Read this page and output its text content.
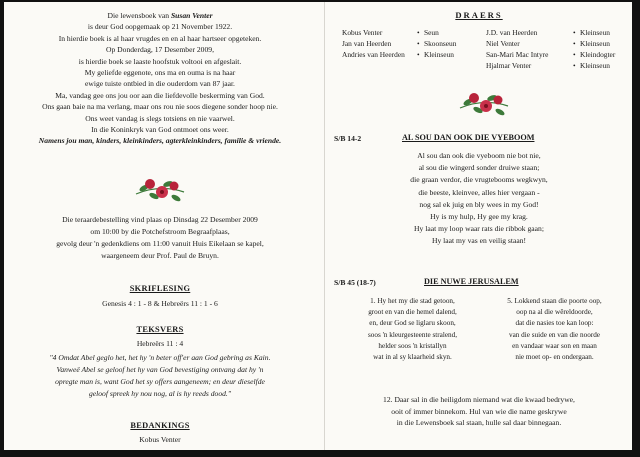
Die lewensboek van Susan Venter
is deur God oopgemaak op 21 November 1922.
In hierdie boek is al haar vrugdes en en al haar hartseer opgeteken.
Op Donderdag, 17 Desember 2009,
is hierdie boek se laaste hoofstuk voltooi en afgeslait.
My geliefde eggenote, ons ma en ouma is na haar
ewige tuiste ontbied in die ouderdom van 87 jaar.
Ma, vandag gee ons jou oor aan die liefdevolle beskerming van God.
Ons gaan baie na ma verlang, maar ons rou nie soos diegene sonder hoop nie.
Ons weet vandag is slegs totsiens en nie vaarwel.
In die Koninkryk van God ontmoet ons weer.
Namens jou man, kinders, kleinkinders, agterkleinkinders, familie & vriende.
Die teraardebestelling vind plaas op Dinsdag 22 Desember 2009
om 10:00 by die Potchefstroom Begraafplaas,
gevolg deur 'n gedenkdiens om 11:00 vanuit Huis Eikelaan se kapel,
waargeneem deur Prof. Paul de Bruyn.
SKRIFLESING
Genesis 4 : 1 - 8 & Hebreërs 11 : 1 - 6
TEKSVERS
Hebreërs 11 : 4
"4 Omdat Abel geglo het, het hy 'n beter off'er aan God gebring as Kain.
Vanweë Abel se geloof het hy van God bevestiging ontvang dat hy 'n
opregte man is, want God het sy offers aangeneem; en deur dieselfde
geloof spreek hy nou nog, al is hy reeds dood."
BEDANKINGS
Kobus Venter
DRAERS
Kobus Venter	Seun	J.D. van Heerden	Kleinseun
•	•
Jan van Heerden	Skoonseun	Niel Venter	Kleinseun
•	•
Andries van Heerden	Kleinseun	San-Mari Mac Intyre	Kleindogter
•	•
Hjalmar Venter	Kleinseun
•
S/B 14-2	AL SOU DAN OOK DIE VYEBOOM
Al sou dan ook die vyeboom nie bot nie,
al sou die wingerd sonder druiwe staan;
die graan verdor, die vrugtebooms wegkwyn,
die beeste, kleinvee, alles hier vergaan -
nog sal ek juig en bly wees in my God!
Hy is my hulp, Hy gee my krag.
Hy laat my loop waar rats die ribbok gaan;
Hy laat my vas en veilig staan!
S/B 45 (18-7)	DIE NUWE JERUSALEM
1. Hy het my die stad getoon,
groot en van die hemel dalend,
en, deur God se liglaru skoon,
soos 'n kleurgesteente stralend,
helder soos 'n kristallyn
wat in al sy klaarheid skyn.
5. Lokkend staan die poorte oop,
oop na al die wêreldoorde,
dat die nasies toe kan loop:
van die suide en van die noorde
en vandaar waar son en maan
nie moet op- en ondergaan.
12. Daar sal in die heiligdom niemand wat die kwaad bedrywe,
ooit of immer binnekom. Hul van wie die name geskrywe
in die Lewensboek sal staan, hulle sal daar binnegaan.
